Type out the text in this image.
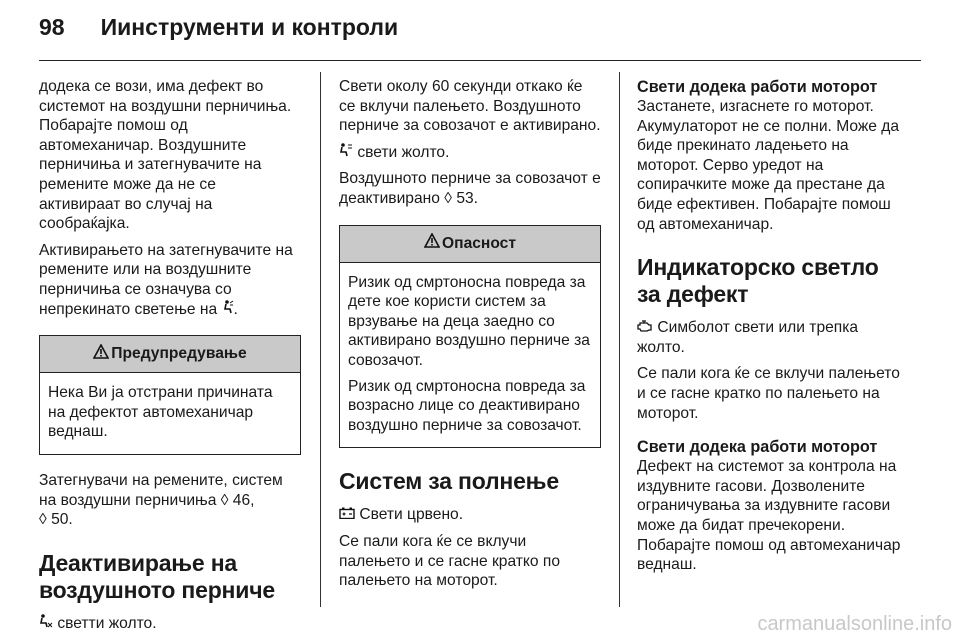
98 Иинструменти и контроли

додека се вози, има дефект во системот на воздушни перничиња. Побарајте помош од автомеханичар. Воздушните перничиња и затегнувачите на ремените може да не се активираат во случај на сообраќајка.

Активирањето на затегнувачите на ремените или на воздушните перничиња се означува со непрекинато светење на .

Предупредување

Нека Ви ја отстрани причината на дефектот автомеханичар веднаш.

Затегнувачи на ремените, систем на воздушни перничиња ◊ 46,
◊ 50.

Деактивирање на воздушното перниче

светти жолто.

Свети околу 60 секунди откако ќе се вклучи палењето. Воздушното перниче за совозачот е активирано.

свети жолто.

Воздушното перниче за совозачот е деактивирано ◊ 53.

Опасност

Ризик од смртоносна повреда за дете кое користи систем за врзување на деца заедно со активирано воздушно перниче за совозачот.

Ризик од смртоносна повреда за возрасно лице со деактивирано воздушно перниче за совозачот.

Систем за полнење

Свети црвено.

Се пали кога ќе се вклучи палењето и се гасне кратко по палењето на моторот.

Свети додека работи моторот

Застанете, изгаснете го моторот. Акумулаторот не се полни. Може да биде прекинато ладењето на моторот. Серво уредот на сопирачките може да престане да биде ефективен. Побарајте помош од автомеханичар.

Индикаторско светло за дефект

Симболот свети или трепка жолто.

Се пали кога ќе се вклучи палењето и се гасне кратко по палењето на моторот.

Свети додека работи моторот

Дефект на системот за контрола на издувните гасови. Дозволените ограничувања за издувните гасови може да бидат пречекорени. Побарајте помош од автомеханичар веднаш.

carmanualsonline.info
